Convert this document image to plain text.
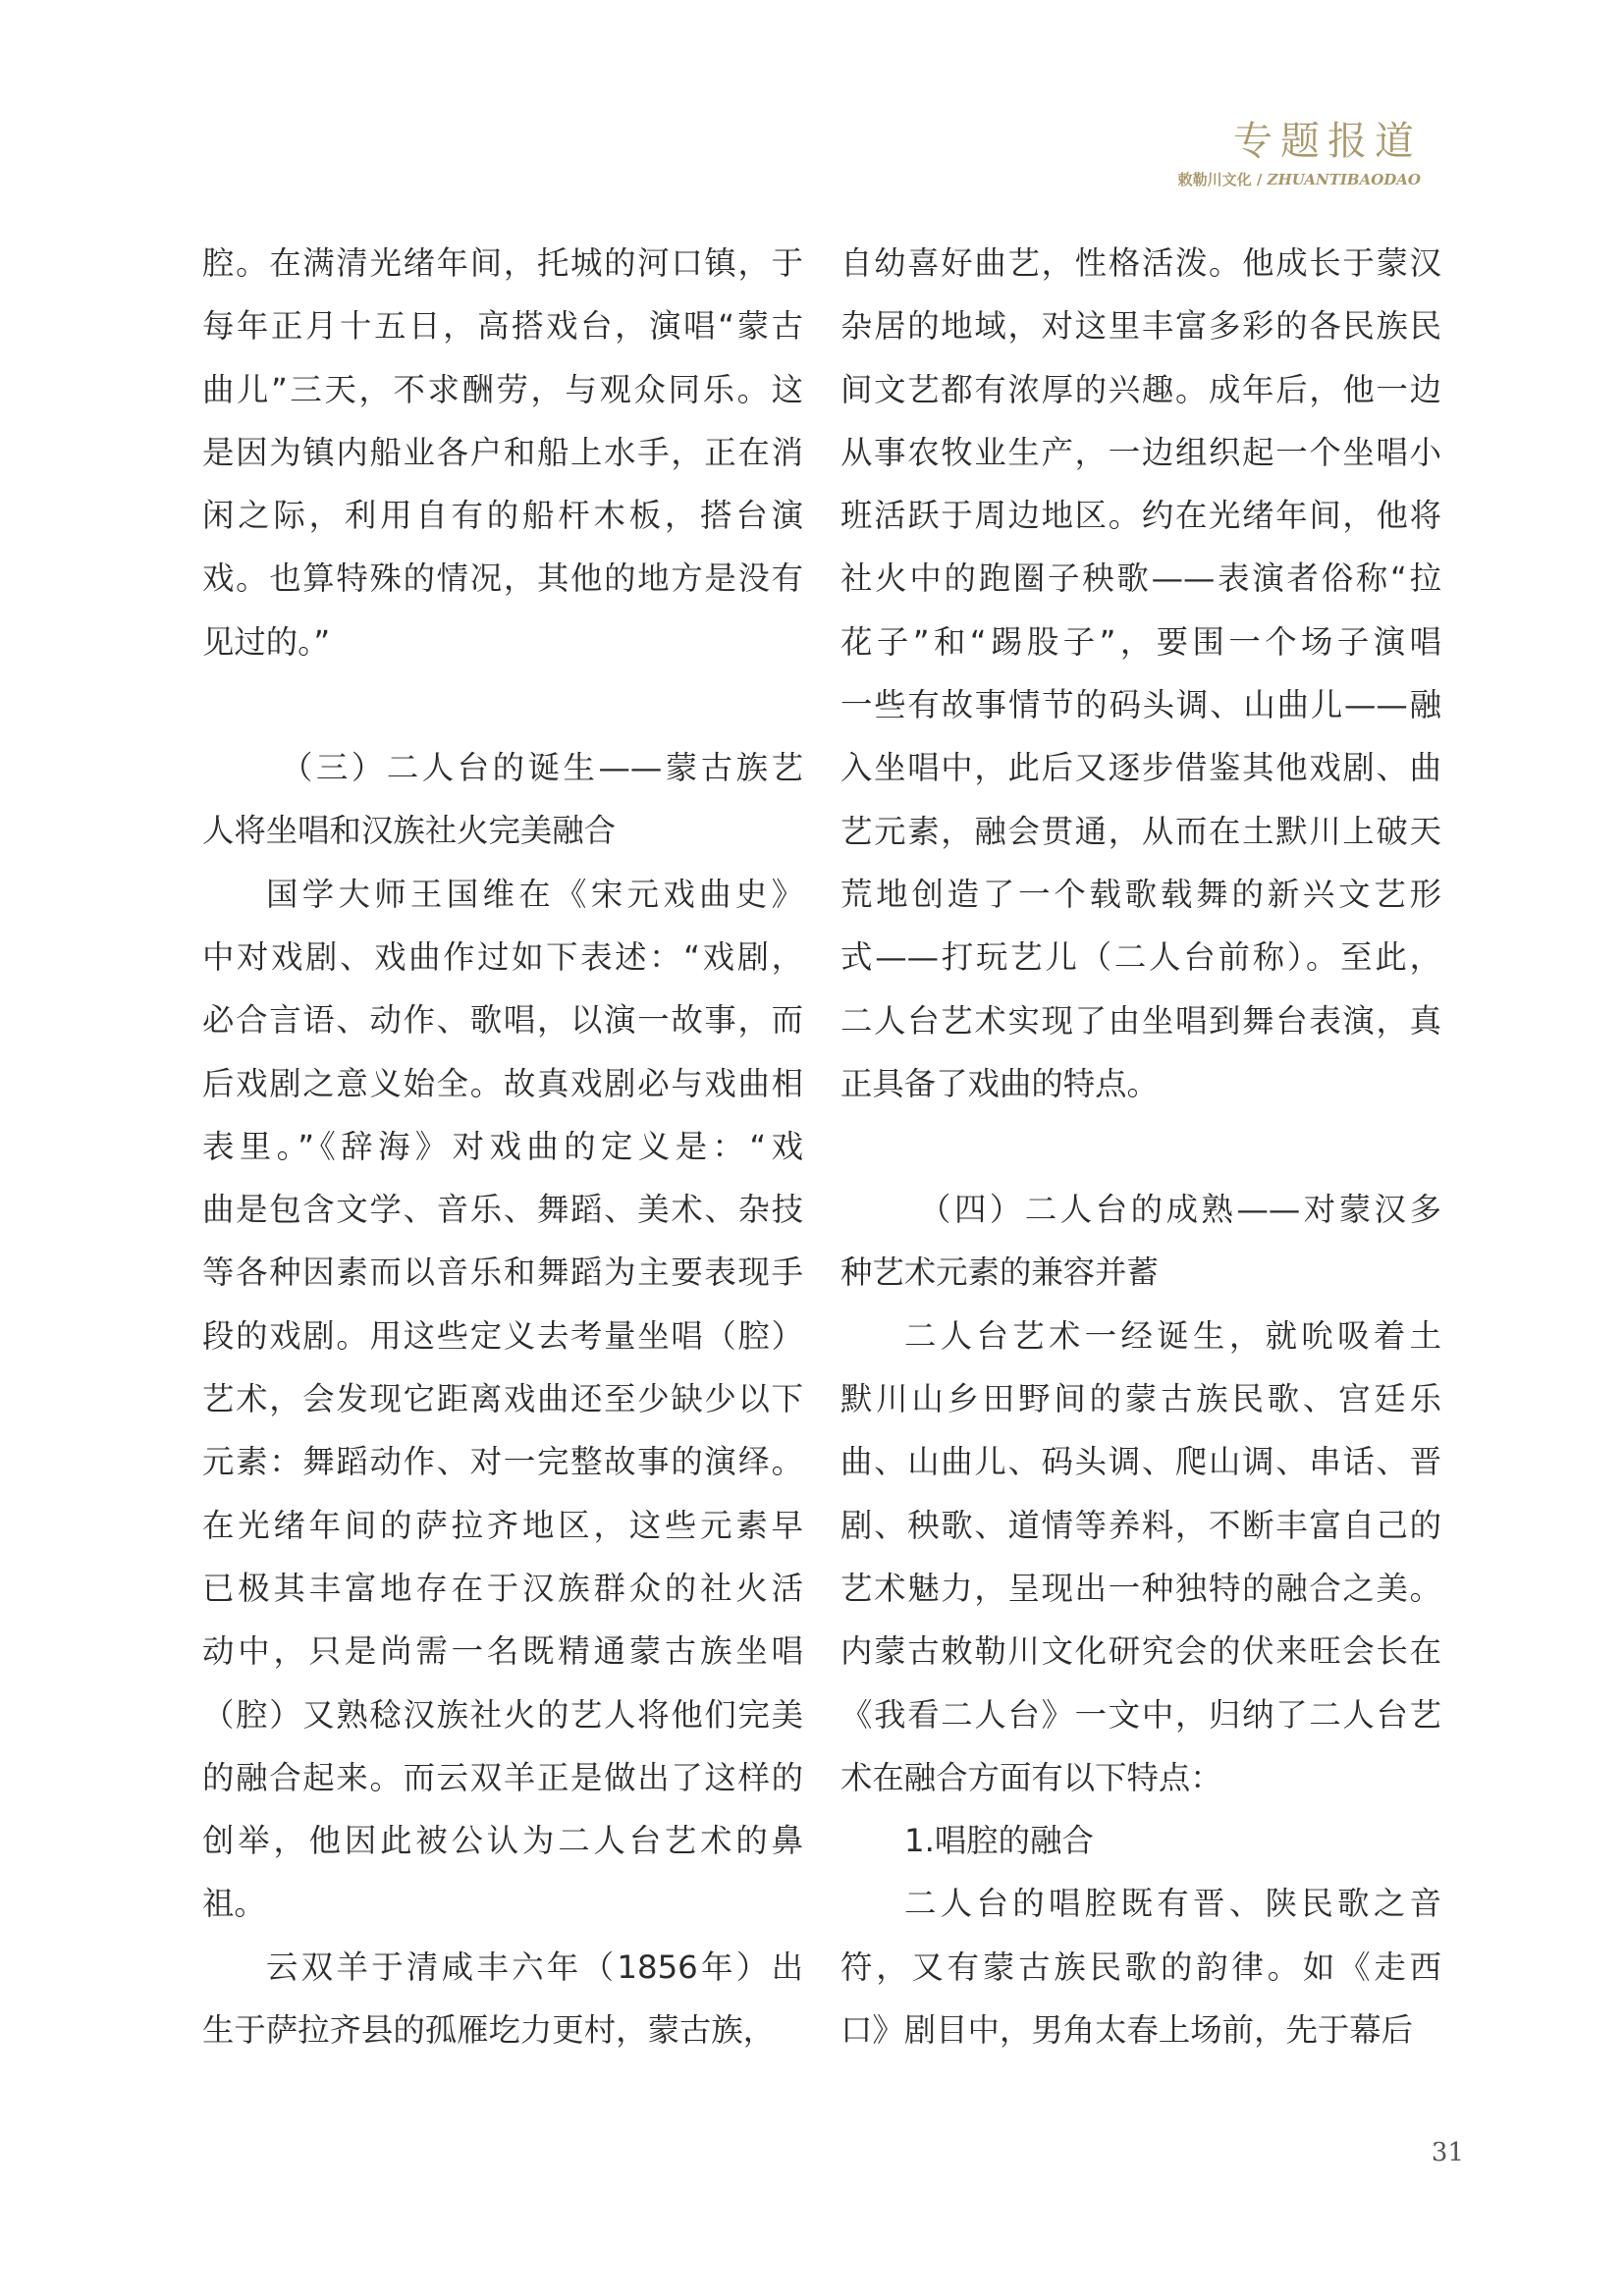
专题报道
敕勒川文化 / ZHUANTIBAODAO

腔。在满清光绪年间，托城的河口镇，于
每年正月十五日，高搭戏台，演唱“蒙古
曲儿”三天，不求酬劳，与观众同乐。这
是因为镇内船业各户和船上水手，正在消
闲之际，利用自有的船杆木板，搭台演
戏。也算特殊的情况，其他的地方是没有
见过的。”

（三）二人台的诞生——蒙古族艺
人将坐唱和汉族社火完美融合

国学大师王国维在《宋元戏曲史》
中对戏剧、戏曲作过如下表述：“戏剧，
必合言语、动作、歌唱，以演一故事，而
后戏剧之意义始全。故真戏剧必与戏曲相
表里。”《辞海》对戏曲的定义是：“戏
曲是包含文学、音乐、舞蹈、美术、杂技
等各种因素而以音乐和舞蹈为主要表现手
段的戏剧。用这些定义去考量坐唱（腔）
艺术，会发现它距离戏曲还至少缺少以下
元素：舞蹈动作、对一完整故事的演绎。
在光绪年间的萨拉齐地区，这些元素早
已极其丰富地存在于汉族群众的社火活
动中，只是尚需一名既精通蒙古族坐唱
（腔）又熟稔汉族社火的艺人将他们完美
的融合起来。而云双羊正是做出了这样的
创举，他因此被公认为二人台艺术的鼻
祖。

云双羊于清咸丰六年（1856年）出
生于萨拉齐县的孤雁圪力更村，蒙古族，

自幼喜好曲艺，性格活泼。他成长于蒙汉
杂居的地域，对这里丰富多彩的各民族民
间文艺都有浓厚的兴趣。成年后，他一边
从事农牧业生产，一边组织起一个坐唱小
班活跃于周边地区。约在光绪年间，他将
社火中的跑圈子秧歌——表演者俗称“拉
花子”和“踢股子”，要围一个场子演唱
一些有故事情节的码头调、山曲儿——融
入坐唱中，此后又逐步借鉴其他戏剧、曲
艺元素，融会贯通，从而在土默川上破天
荒地创造了一个载歌载舞的新兴文艺形
式——打玩艺儿（二人台前称）。至此，
二人台艺术实现了由坐唱到舞台表演，真
正具备了戏曲的特点。

（四）二人台的成熟——对蒙汉多
种艺术元素的兼容并蓄

二人台艺术一经诞生，就吮吸着土
默川山乡田野间的蒙古族民歌、宫廷乐
曲、山曲儿、码头调、爬山调、串话、晋
剧、秧歌、道情等养料，不断丰富自己的
艺术魅力，呈现出一种独特的融合之美。
内蒙古敕勒川文化研究会的伏来旺会长在
《我看二人台》一文中，归纳了二人台艺
术在融合方面有以下特点：

1.唱腔的融合

二人台的唱腔既有晋、陕民歌之音
符，又有蒙古族民歌的韵律。如《走西
口》剧目中，男角太春上场前，先于幕后

31
